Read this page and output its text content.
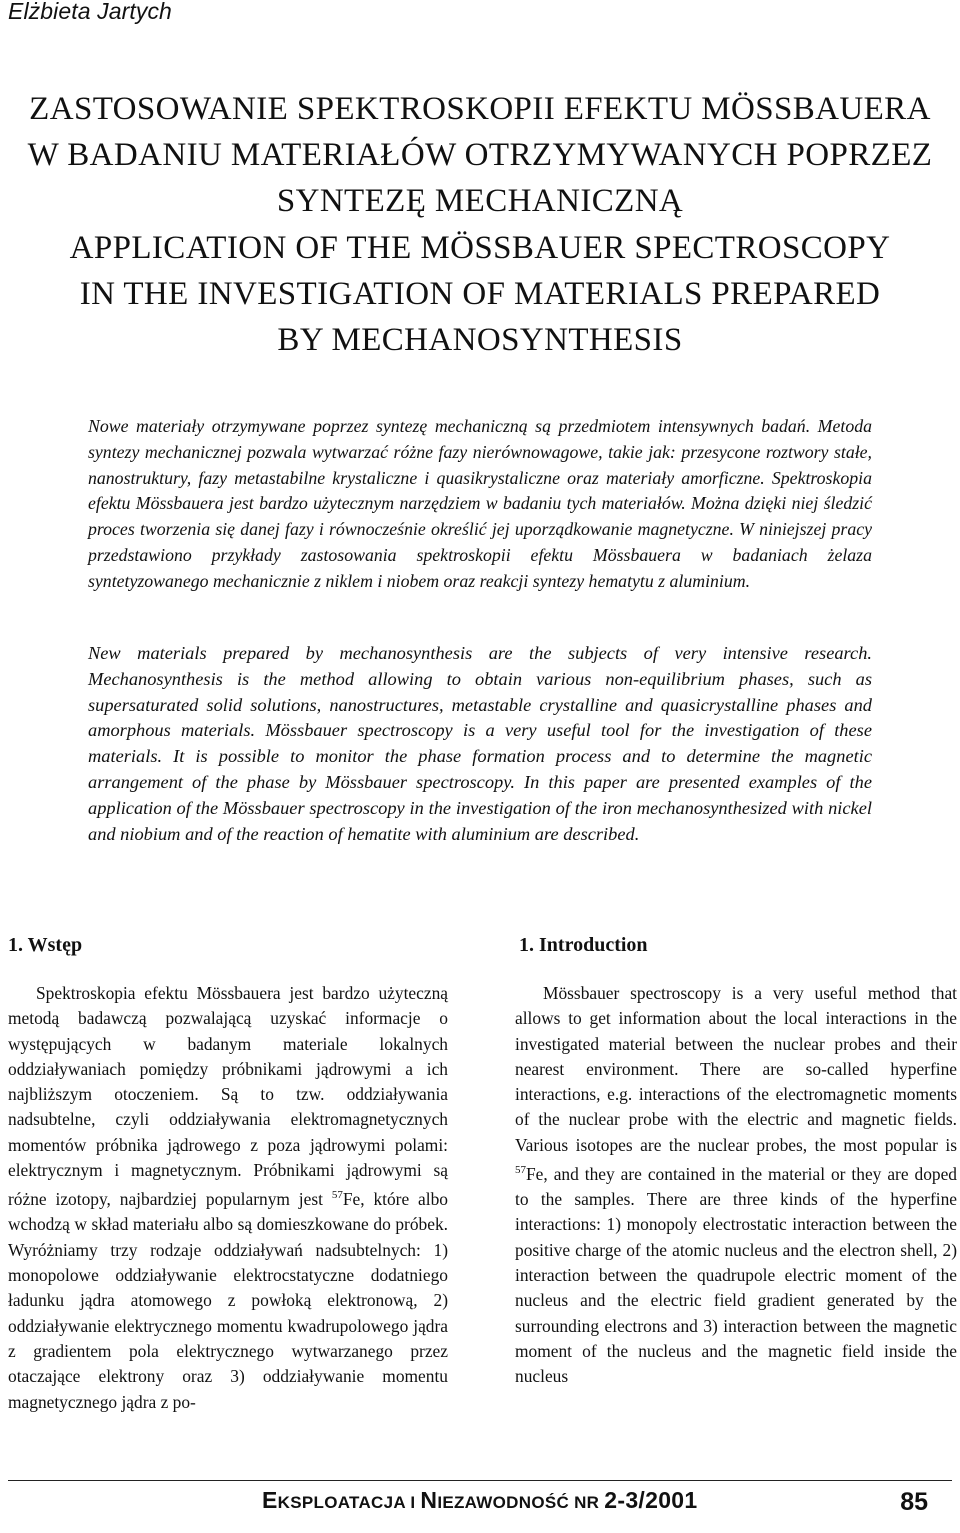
Elżbieta Jartych
ZASTOSOWANIE SPEKTROSKOPII EFEKTU MÖSSBAUERA
W BADANIU MATERIAŁÓW OTRZYMYWANYCH POPRZEZ
SYNTEZĘ MECHANICZNĄ
APPLICATION OF THE MÖSSBAUER SPECTROSCOPY
IN THE INVESTIGATION OF MATERIALS PREPARED
BY MECHANOSYNTHESIS

Nowe materiały otrzymywane poprzez syntezę mechaniczną są przedmiotem intensywnych badań. Metoda syntezy mechanicznej pozwala wytwarzać różne fazy nierównowagowe, takie jak: przesycone roztwory stałe, nanostruktury, fazy metastabilne krystaliczne i quasikrystaliczne oraz materiały amorficzne. Spektroskopia efektu Mössbauera jest bardzo użytecznym narzędziem w badaniu tych materiałów. Można dzięki niej śledzić proces tworzenia się danej fazy i równocześnie określić jej uporządkowanie magnetyczne. W niniejszej pracy przedstawiono przykłady zastosowania spektroskopii efektu Mössbauera w badaniach żelaza syntetyzowanego mechanicznie z niklem i niobem oraz reakcji syntezy hematytu z aluminium.

New materials prepared by mechanosynthesis are the subjects of very intensive research. Mechanosynthesis is the method allowing to obtain various non-equilibrium phases, such as supersaturated solid solutions, nanostructures, metastable crystalline and quasicrystalline phases and amorphous materials. Mössbauer spectroscopy is a very useful tool for the investigation of these materials. It is possible to monitor the phase formation process and to determine the magnetic arrangement of the phase by Mössbauer spectroscopy. In this paper are presented examples of the application of the Mössbauer spectroscopy in the investigation of the iron mechanosynthesized with nickel and niobium and of the reaction of hematite with aluminium are described.

1. Wstęp	1. Introduction

Spektroskopia efektu Mössbauera jest bardzo użyteczną metodą badawczą pozwalającą uzyskać informacje o występujących w badanym materiale lokalnych oddziaływaniach pomiędzy próbnikami jądrowymi a ich najbliższym otoczeniem. Są to tzw. oddziaływania nadsubtelne, czyli oddziaływania elektromagnetycznych momentów próbnika jądrowego z poza jądrowymi polami: elektrycznym i magnetycznym. Próbnikami jądrowymi są różne izotopy, najbardziej popularnym jest $^{57}$Fe, które albo wchodzą w skład materiału albo są domieszkowane do próbek. Wyróżniamy trzy rodzaje oddziaływań nadsubtelnych: 1) monopolowe oddziaływanie elektrocstatyczne dodatniego ładunku jądra atomowego z powłoką elektronową, 2) oddziaływanie elektrycznego momentu kwadrupolowego jądra z gradientem pola elektrycznego wytwarzanego przez otaczające elektrony oraz 3) oddziaływanie momentu magnetycznego jądra z po-

Mössbauer spectroscopy is a very useful method that allows to get information about the local interactions in the investigated material between the nuclear probes and their nearest environment. There are so-called hyperfine interactions, e.g. interactions of the electromagnetic moments of the nuclear probe with the electric and magnetic fields. Various isotopes are the nuclear probes, the most popular is $^{57}$Fe, and they are contained in the material or they are doped to the samples. There are three kinds of the hyperfine interactions: 1) monopoly electrostatic interaction between the positive charge of the atomic nucleus and the electron shell, 2) interaction between the quadrupole electric moment of the nucleus and the electric field gradient generated by the surrounding electrons and 3) interaction between the magnetic moment of the nucleus and the magnetic field inside the nucleus

EKSPLOATACJA I NIEZAWODNOŚĆ NR 2-3/2001	85
